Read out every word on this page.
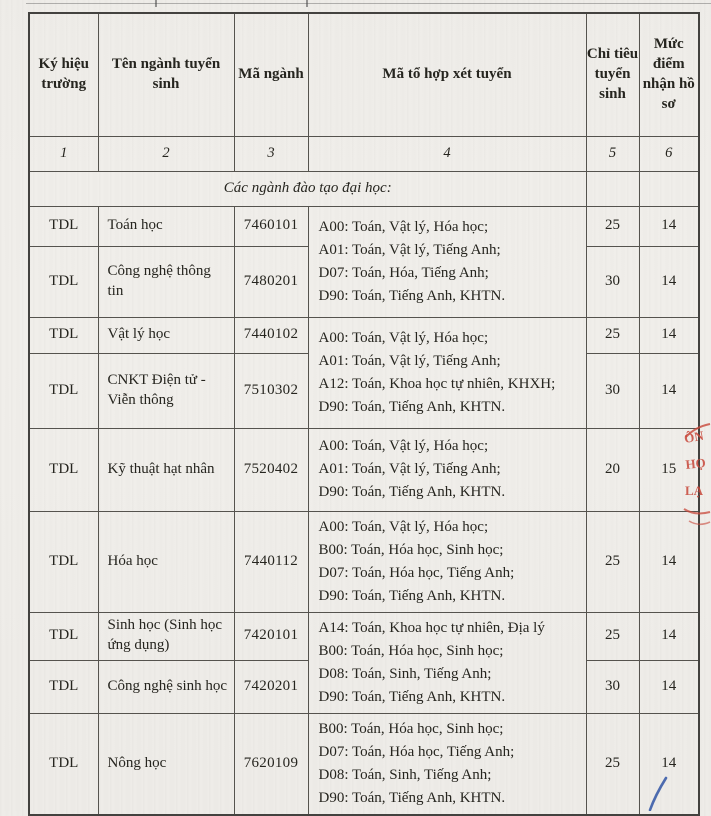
Ký hiệu trường	Tên ngành tuyển sinh	Mã ngành	Mã tổ hợp xét tuyển	Chỉ tiêu tuyển sinh	Mức điểm nhận hồ sơ
1	2	3	4	5	6
Các ngành đào tạo đại học:					
TDL	Toán học	7460101	A00: Toán, Vật lý, Hóa học;
A01: Toán, Vật lý, Tiếng Anh;
D07: Toán, Hóa, Tiếng Anh;
D90: Toán, Tiếng Anh, KHTN.	25	14
TDL	Công nghệ thông tin	7480201		30	14
TDL	Vật lý học	7440102	A00: Toán, Vật lý, Hóa học;
A01: Toán, Vật lý, Tiếng Anh;
A12: Toán, Khoa học tự nhiên, KHXH;
D90: Toán, Tiếng Anh, KHTN.	25	14
TDL	CNKT Điện tử - Viễn thông	7510302		30	14
TDL	Kỹ thuật hạt nhân	7520402	A00: Toán, Vật lý, Hóa học;
A01: Toán, Vật lý, Tiếng Anh;
D90: Toán, Tiếng Anh, KHTN.	20	15
TDL	Hóa học	7440112	A00: Toán, Vật lý, Hóa học;
B00: Toán, Hóa học, Sinh học;
D07: Toán, Hóa học, Tiếng Anh;
D90: Toán, Tiếng Anh, KHTN.	25	14
TDL	Sinh học (Sinh học ứng dụng)	7420101	A14: Toán, Khoa học tự nhiên, Địa lý
B00: Toán, Hóa học, Sinh học;
D08: Toán, Sinh, Tiếng Anh;
D90: Toán, Tiếng Anh, KHTN.	25	14
TDL	Công nghệ sinh học	7420201		30	14
TDL	Nông học	7620109	B00: Toán, Hóa học, Sinh học;
D07: Toán, Hóa học, Tiếng Anh;
D08: Toán, Sinh, Tiếng Anh;
D90: Toán, Tiếng Anh, KHTN.	25	14
ÔN
HỌ
LẠ
